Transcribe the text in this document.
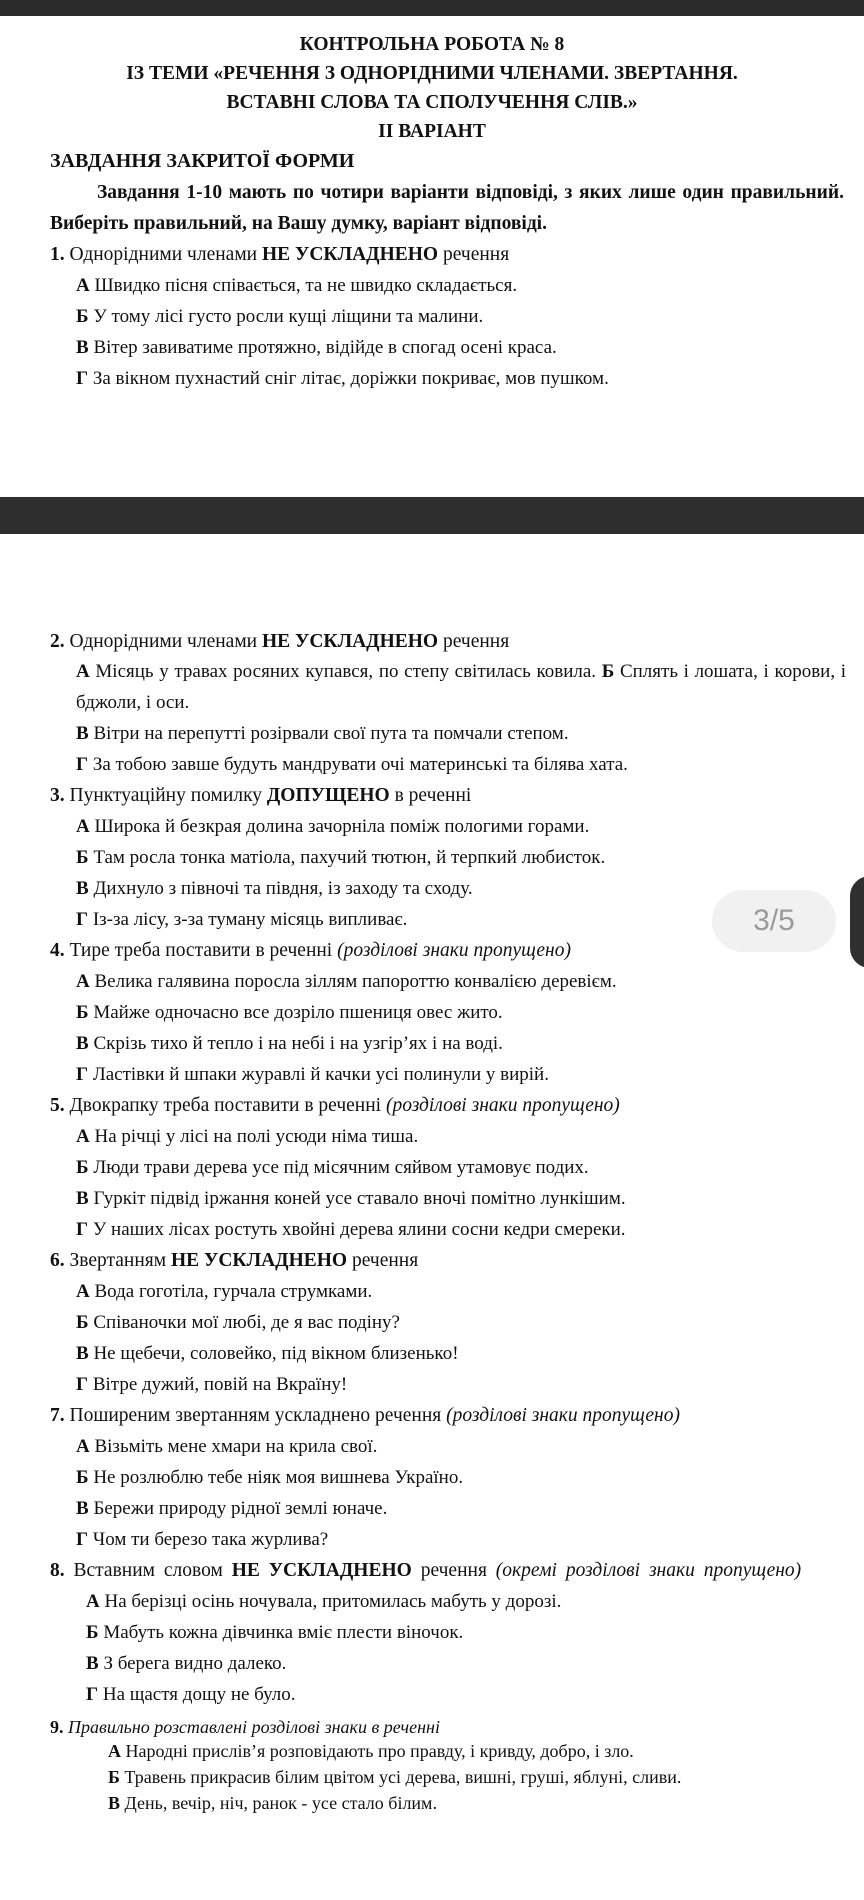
КОНТРОЛЬНА РОБОТА № 8
ІЗ ТЕМИ «РЕЧЕННЯ З ОДНОРІДНИМИ ЧЛЕНАМИ. ЗВЕРТАННЯ.
ВСТАВНІ СЛОВА ТА СПОЛУЧЕННЯ СЛІВ.»
ІІ ВАРІАНТ
ЗАВДАННЯ ЗАКРИТОЇ ФОРМИ
Завдання 1-10 мають по чотири варіанти відповіді, з яких лише один правильний. Виберіть правильний, на Вашу думку, варіант відповіді.
1. Однорідними членами НЕ УСКЛАДНЕНО речення
А Швидко пісня співається, та не швидко складається.
Б У тому лісі густо росли кущі ліщини та малини.
В Вітер завиватиме протяжно, відійде в спогад осені краса.
Г За вікном пухнастий сніг літає, доріжки покриває, мов пушком.
2. Однорідними членами НЕ УСКЛАДНЕНО речення
А Місяць у травах росяних купався, по степу світилась ковила. Б Сплять і лошата, і корови, і бджоли, і оси.
В Вітри на перепутті розірвали свої пута та помчали степом.
Г За тобою завше будуть мандрувати очі материнські та білява хата.
3. Пунктуаційну помилку ДОПУЩЕНО в реченні
А Широка й безкрая долина зачорніла поміж пологими горами.
Б Там росла тонка матіола, пахучий тютюн, й терпкий любисток.
В Дихнуло з півночі та півдня, із заходу та сходу.
Г Із-за лісу, з-за туману місяць випливає.
4. Тире треба поставити в реченні (розділові знаки пропущено)
А Велика галявина поросла зіллям папороттю конвалією деревієм.
Б Майже одночасно все дозріло пшениця овес жито.
В Скрізь тихо й тепло і на небі і на узгір’ях і на воді.
Г Ластівки й шпаки журавлі й качки усі полинули у вирій.
5. Двокрапку треба поставити в реченні (розділові знаки пропущено)
А На річці у лісі на полі усюди німа тиша.
Б Люди трави дерева усе під місячним сяйвом утамовує подих.
В Гуркіт підвід іржання коней усе ставало вночі помітно лункішим.
Г У наших лісах ростуть хвойні дерева ялини сосни кедри смереки.
6. Звертанням НЕ УСКЛАДНЕНО речення
А Вода гоготіла, гурчала струмками.
Б Співаночки мої любі, де я вас подіну?
В Не щебечи, соловейко, під вікном близенько!
Г Вітре дужий, повій на Вкраїну!
7. Поширеним звертанням ускладнено речення (розділові знаки пропущено)
А Візьміть мене хмари на крила свої.
Б Не розлюблю тебе ніяк моя вишнева Україно.
В Бережи природу рідної землі юначе.
Г Чом ти березо така журлива?
8. Вставним словом НЕ УСКЛАДНЕНО речення (окремі розділові знаки пропущено)
А На берізці осінь ночувала, притомилась мабуть у дорозі.
Б Мабуть кожна дівчинка вміє плести віночок.
В З берега видно далеко.
Г На щастя дощу не було.
9. Правильно розставлені розділові знаки в реченні
А Народні прислів’я розповідають про правду, і кривду, добро, і зло.
Б Травень прикрасив білим цвітом усі дерева, вишні, груші, яблуні, сливи.
В День, вечір, ніч, ранок - усе стало білим.
3/5
